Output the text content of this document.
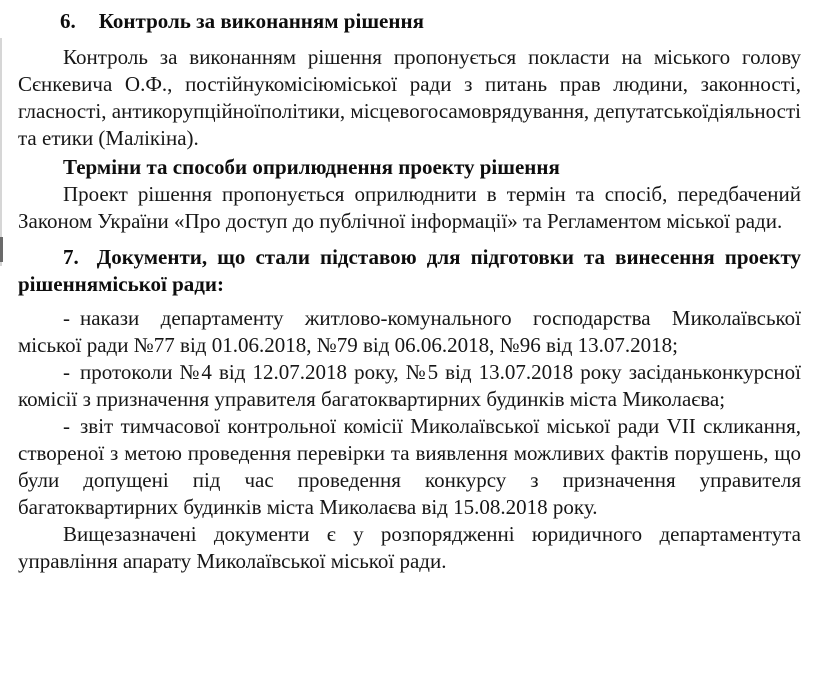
6. Контроль за виконанням рішення

Контроль за виконанням рішення пропонується покласти на міського голову Сєнкевича О.Ф., постійнукомісіюміської ради з питань прав людини, законності, гласності, антикорупційноїполітики, місцевогосамоврядування, депутатськоїдіяльності та етики (Малікіна).

Терміни та способи оприлюднення проекту рішення

Проект рішення пропонується оприлюднити в термін та спосіб, передбачений Законом України «Про доступ до публічної інформації» та Регламентом міської ради.

7. Документи, що стали підставою для підготовки та винесення проекту рішенняміської ради:

- накази департаменту житлово-комунального господарства Миколаївської міської ради №77 від 01.06.2018, №79 від 06.06.2018, №96 від 13.07.2018;

- протоколи №4 від 12.07.2018 року, №5 від 13.07.2018 року засіданьконкурсної комісії з призначення управителя багатоквартирних будинків міста Миколаєва;

- звіт тимчасової контрольної комісії Миколаївської міської ради VII скликання, створеної з метою проведення перевірки та виявлення можливих фактів порушень, що були допущені під час проведення конкурсу з призначення управителя багатоквартирних будинків міста Миколаєва від 15.08.2018 року.

Вищезазначені документи є у розпорядженні юридичного департаментута управління апарату Миколаївської міської ради.
